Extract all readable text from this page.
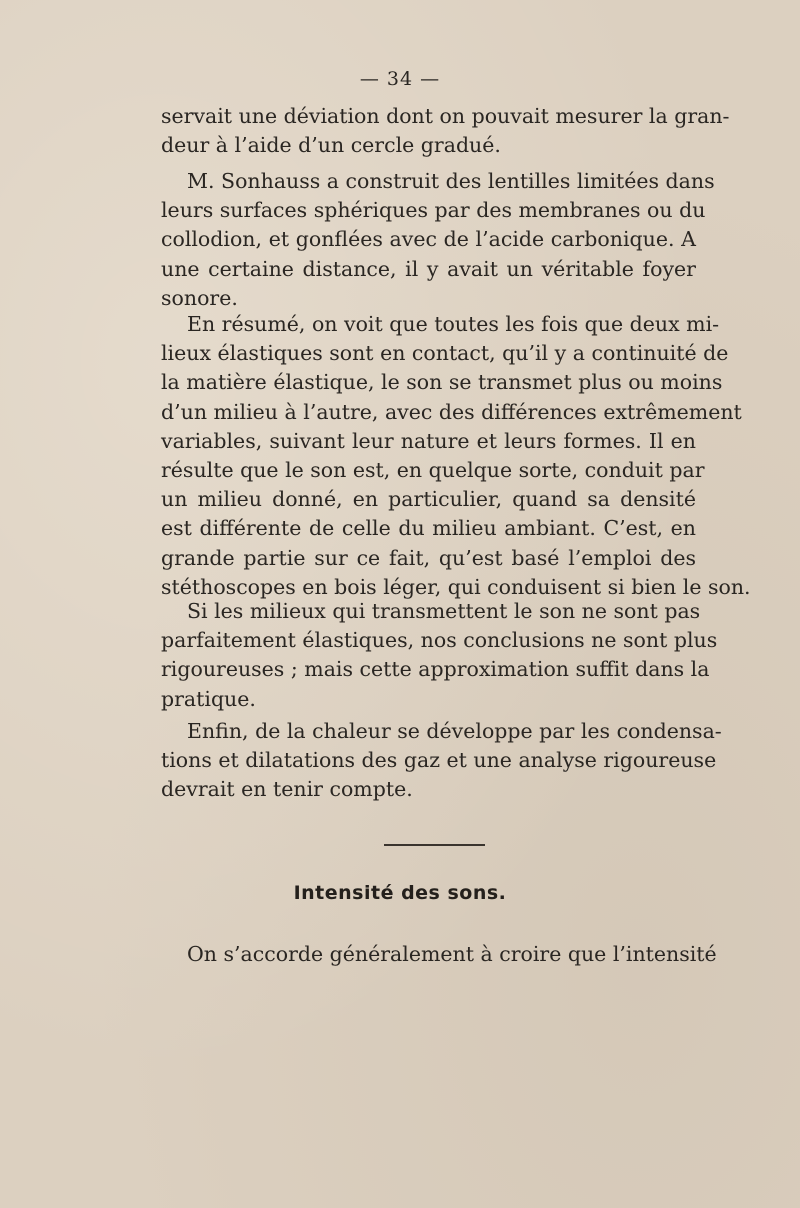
— 34 —

servait une déviation dont on pouvait mesurer la gran-
deur à l’aide d’un cercle gradué.

M. Sonhauss a construit des lentilles limitées dans
leurs surfaces sphériques par des membranes ou du
collodion, et gonflées avec de l’acide carbonique. A
une certaine distance, il y avait un véritable foyer
sonore.

En résumé, on voit que toutes les fois que deux mi-
lieux élastiques sont en contact, qu’il y a continuité de
la matière élastique, le son se transmet plus ou moins
d’un milieu à l’autre, avec des différences extrêmement
variables, suivant leur nature et leurs formes. Il en
résulte que le son est, en quelque sorte, conduit par
un milieu donné, en particulier, quand sa densité
est différente de celle du milieu ambiant. C’est, en
grande partie sur ce fait, qu’est basé l’emploi des
stéthoscopes en bois léger, qui conduisent si bien le son.

Si les milieux qui transmettent le son ne sont pas
parfaitement élastiques, nos conclusions ne sont plus
rigoureuses ; mais cette approximation suffit dans la
pratique.

Enfin, de la chaleur se développe par les condensa-
tions et dilatations des gaz et une analyse rigoureuse
devrait en tenir compte.

Intensité des sons.

On s’accorde généralement à croire que l’intensité
